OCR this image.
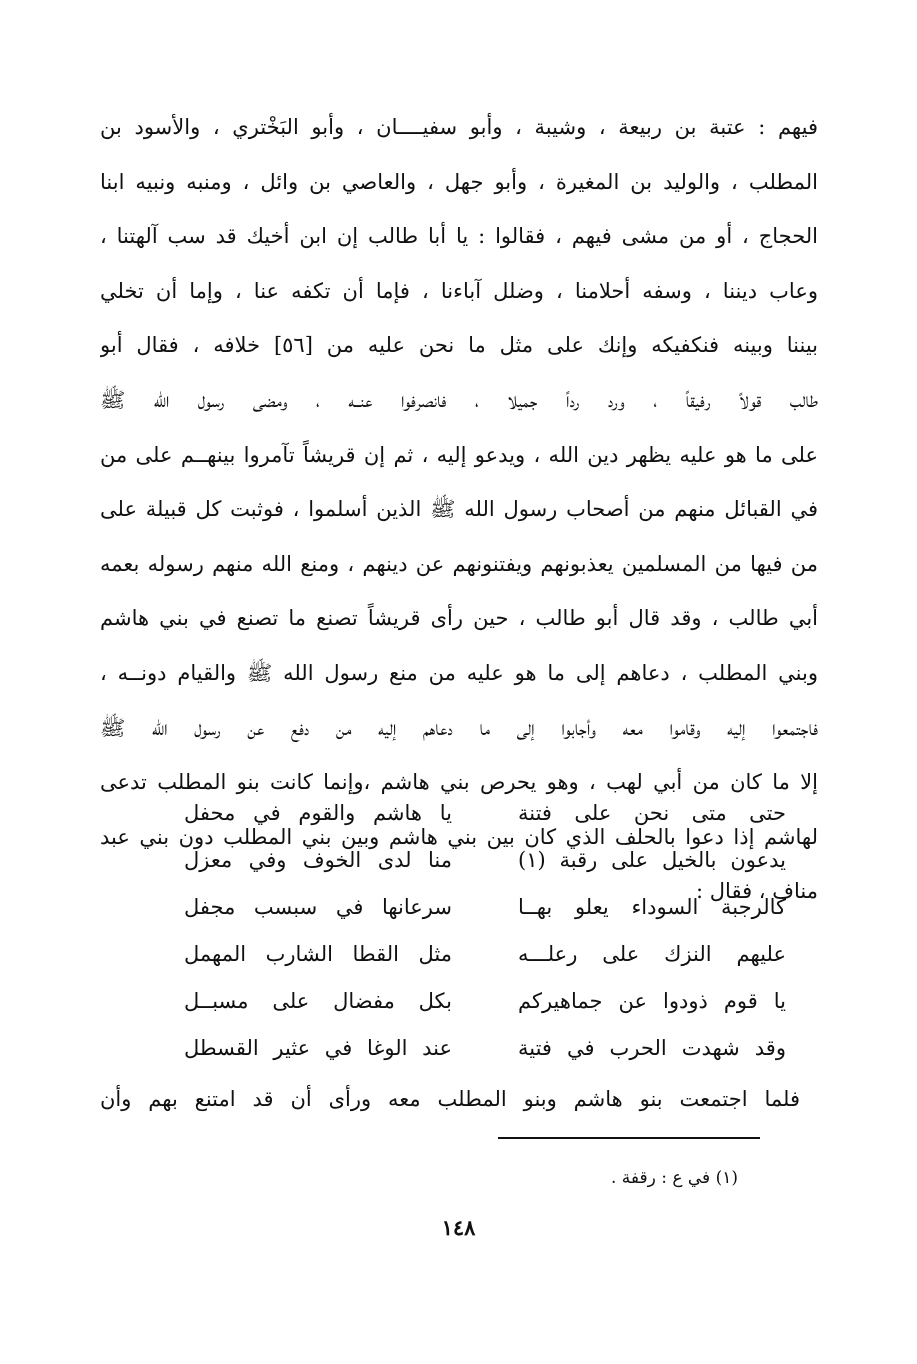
فيهم : عتبة بن ربيعة ، وشيبة ، وأبو سفيــــان ، وأبو البَخْتري ، والأسود بن
المطلب ، والوليد بن المغيرة ، وأبو جهل ، والعاصي بن وائل ، ومنبه ونبيه ابنا
الحجاج ، أو من مشى فيهم ، فقالوا : يا أبا طالب إن ابن أخيك قد سب آلهتنا ،
وعاب ديننا ، وسفه أحلامنا ، وضلل آباءنا ، فإما أن تكفه عنا ، وإما أن تخلي
بيننا وبينه فنكفيكه وإنك على مثل ما نحن عليه من [٥٦] خلافه ، فقال أبو
طالب قولاً رفيقاً ، ورد رداً جميلا ، فانصرفوا عنــه ، ومضى رسول الله ﷺ
على ما هو عليه يظهر دين الله ، ويدعو إليه ، ثم إن قريشاً تآمروا بينهــم على من
في القبائل منهم من أصحاب رسول الله ﷺ الذين أسلموا ، فوثبت كل قبيلة على
من فيها من المسلمين يعذبونهم ويفتنونهم عن دينهم ، ومنع الله منهم رسوله بعمه
أبي طالب ، وقد قال أبو طالب ، حين رأى قريشاً تصنع ما تصنع في بني هاشم
وبني المطلب ، دعاهم إلى ما هو عليه من منع رسول الله ﷺ والقيام دونــه ،
فاجتمعوا إليه وقاموا معه وأجابوا إلى ما دعاهم إليه من دفع عن رسول الله ﷺ
إلا ما كان من أبي لهب ، وهو يحرص بني هاشم ،وإنما كانت بنو المطلب تدعى
لهاشم إذا دعوا بالحلف الذي كان بين بني هاشم وبين بني المطلب دون بني عبد
مناف ، فقال :
حتى متى نحن على فتنة
يا هاشم والقوم في محفل
يدعون بالخيل على رقبة (١)
منا لدى الخوف وفي معزل
كالرجبة السوداء يعلو بهــا
سرعانها في سبسب مجفل
عليهم النزك على رعلـــه
مثل القطا الشارب المهمل
يا قوم ذودوا عن جماهيركم
بكل مفضال على مسبــل
وقد شهدت الحرب في فتية
عند الوغا في عثير القسطل
فلما اجتمعت بنو هاشم وبنو المطلب معه ورأى أن قد امتنع بهم وأن
(١) في ع : رقفة .
١٤٨
